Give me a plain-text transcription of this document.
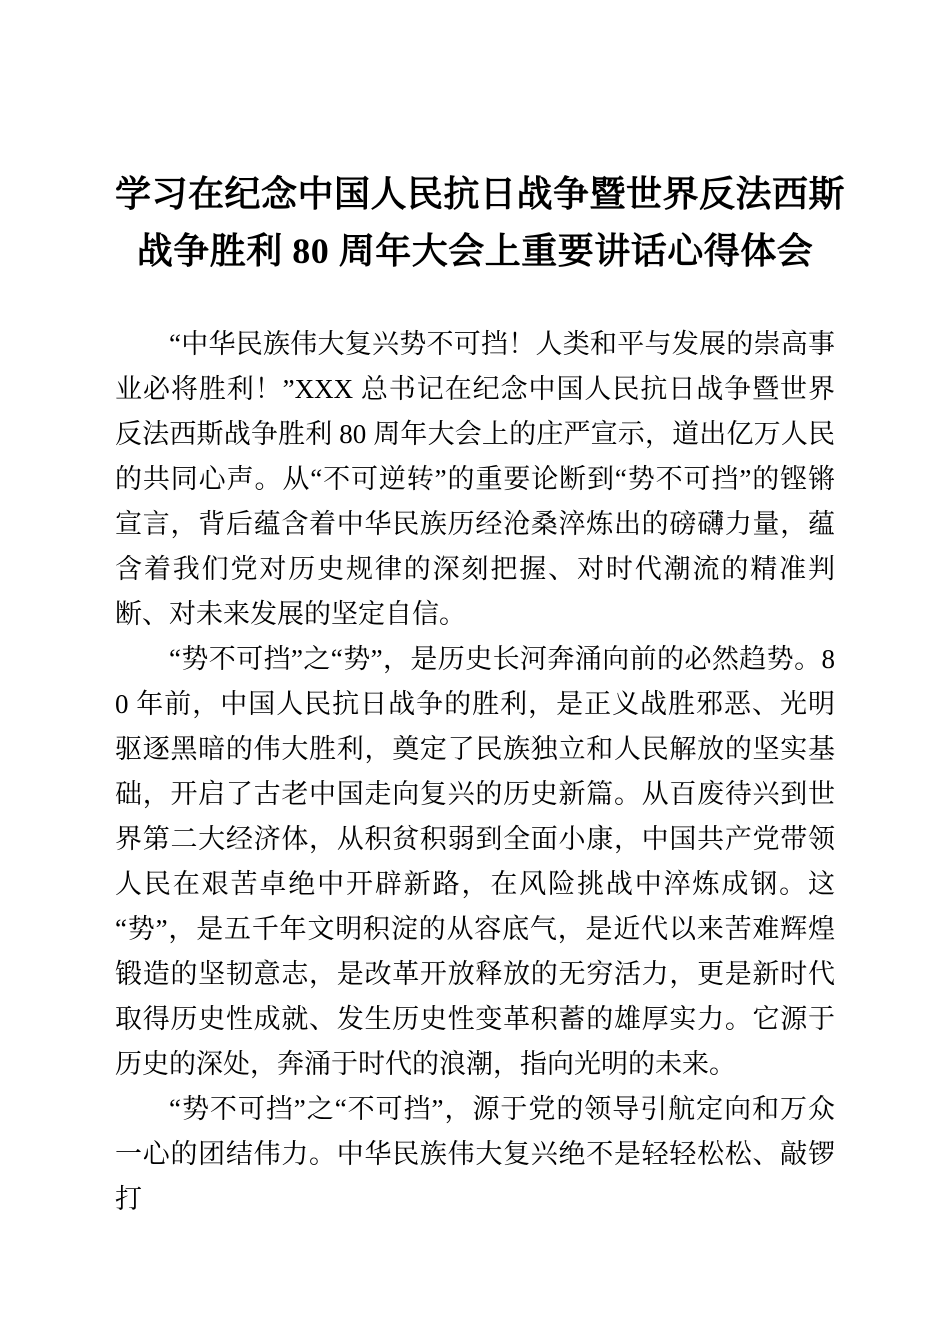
学习在纪念中国人民抗日战争暨世界反法西斯
战争胜利 80 周年大会上重要讲话心得体会

“中华民族伟大复兴势不可挡！人类和平与发展的崇高事业必将胜利！”XXX 总书记在纪念中国人民抗日战争暨世界反法西斯战争胜利 80 周年大会上的庄严宣示，道出亿万人民的共同心声。从“不可逆转”的重要论断到“势不可挡”的铿锵宣言，背后蕴含着中华民族历经沧桑淬炼出的磅礴力量，蕴含着我们党对历史规律的深刻把握、对时代潮流的精准判断、对未来发展的坚定自信。

“势不可挡”之“势”，是历史长河奔涌向前的必然趋势。80 年前，中国人民抗日战争的胜利，是正义战胜邪恶、光明驱逐黑暗的伟大胜利，奠定了民族独立和人民解放的坚实基础，开启了古老中国走向复兴的历史新篇。从百废待兴到世界第二大经济体，从积贫积弱到全面小康，中国共产党带领人民在艰苦卓绝中开辟新路，在风险挑战中淬炼成钢。这“势”，是五千年文明积淀的从容底气，是近代以来苦难辉煌锻造的坚韧意志，是改革开放释放的无穷活力，更是新时代取得历史性成就、发生历史性变革积蓄的雄厚实力。它源于历史的深处，奔涌于时代的浪潮，指向光明的未来。

“势不可挡”之“不可挡”，源于党的领导引航定向和万众一心的团结伟力。中华民族伟大复兴绝不是轻轻松松、敲锣打
